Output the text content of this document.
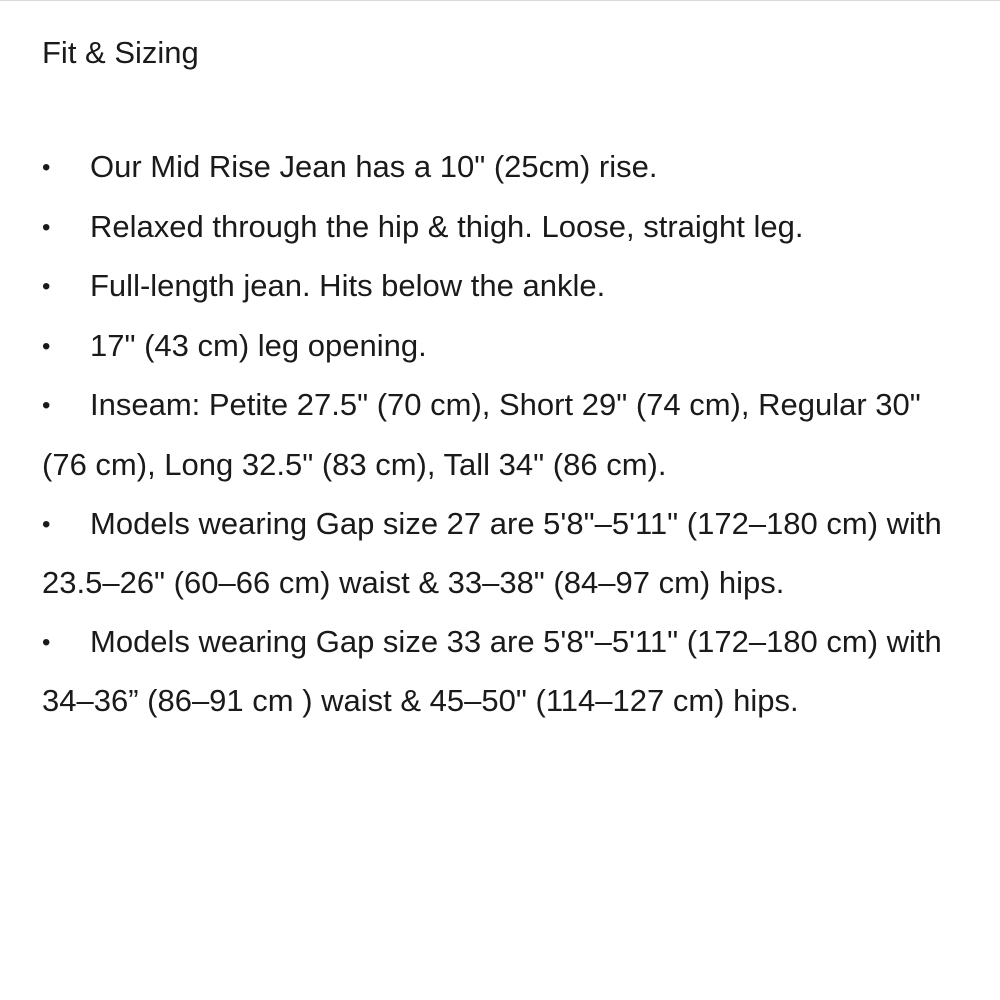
Fit & Sizing
• Our Mid Rise Jean has a 10" (25cm) rise.
• Relaxed through the hip & thigh. Loose, straight leg.
• Full-length jean. Hits below the ankle.
• 17" (43 cm) leg opening.
• Inseam: Petite 27.5" (70 cm), Short 29" (74 cm), Regular 30" (76 cm), Long 32.5" (83 cm), Tall 34" (86 cm).
• Models wearing Gap size 27 are 5'8"–5'11" (172–180 cm) with 23.5–26" (60–66 cm) waist & 33–38" (84–97 cm) hips.
• Models wearing Gap size 33 are 5'8"–5'11" (172–180 cm) with 34–36” (86–91 cm ) waist & 45–50" (114–127 cm) hips.
